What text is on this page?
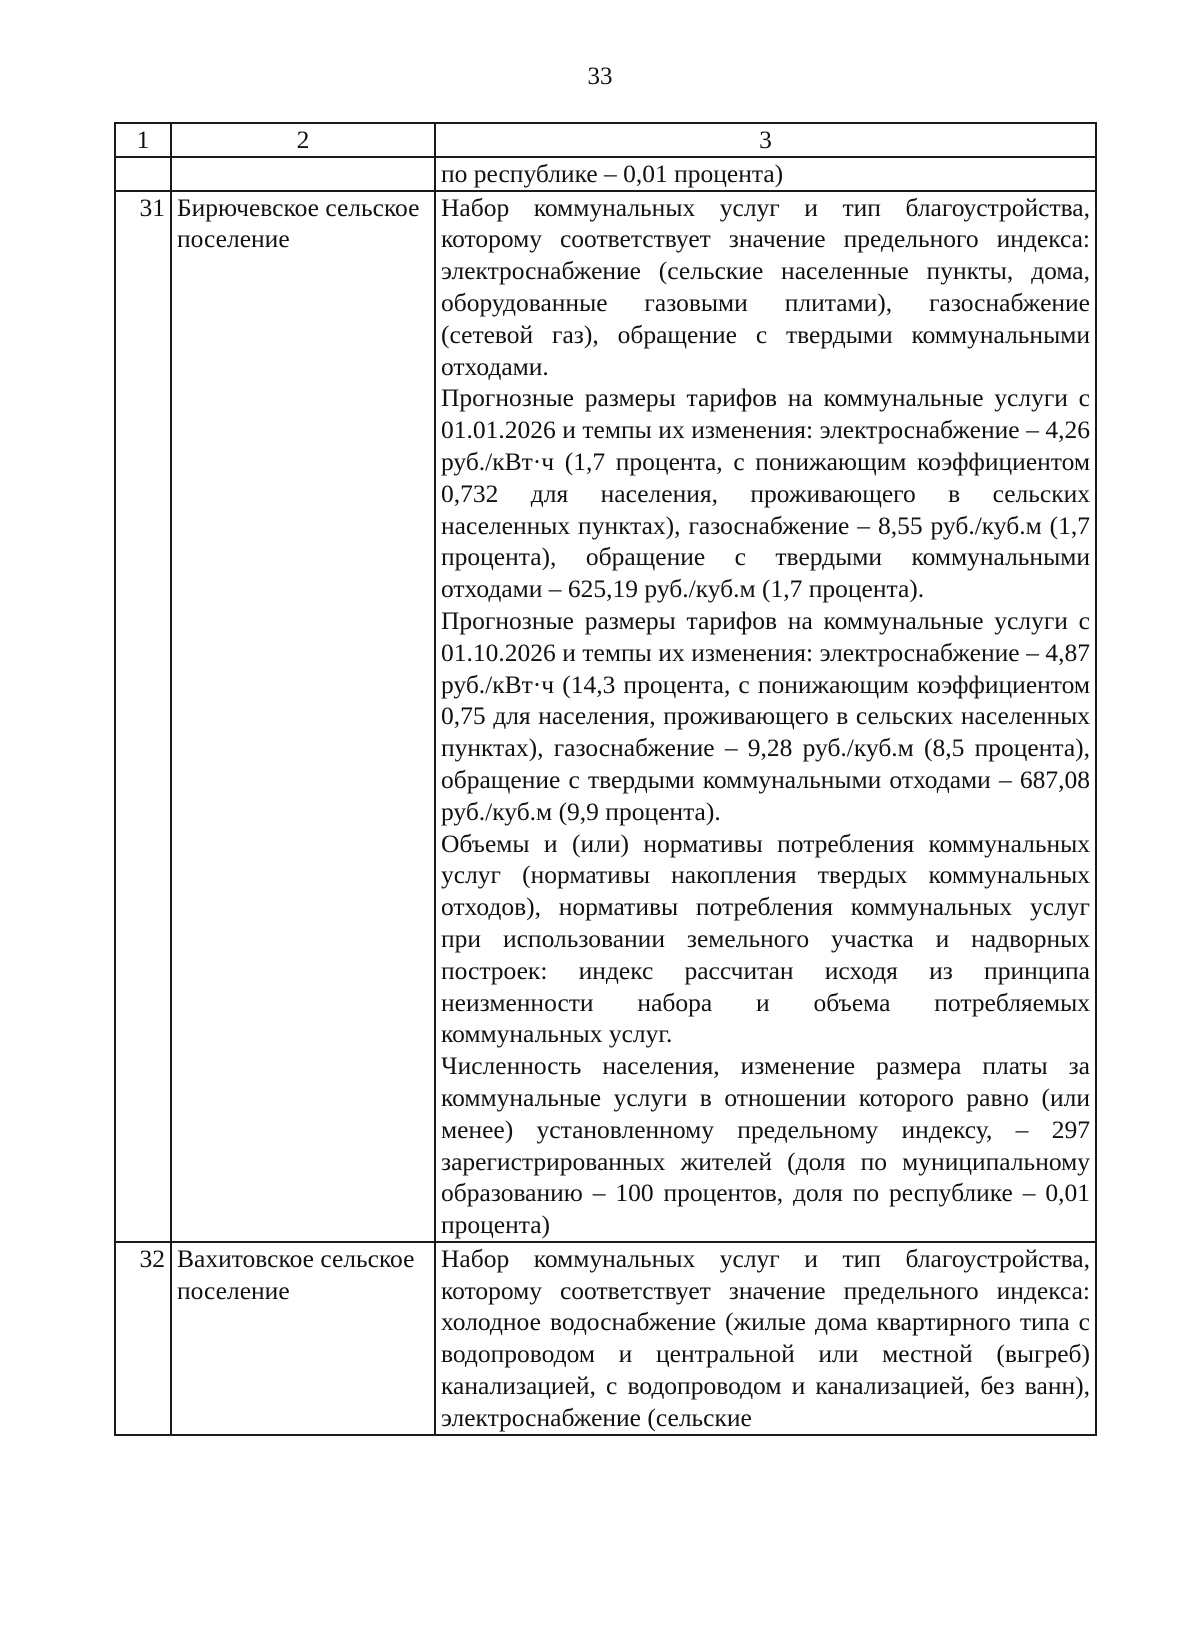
33
1	2	3
		по республике – 0,01 процента)
31	Бирючевское сельское поселение	Набор коммунальных услуг и тип благоустройства, которому соответствует значение предельного индекса: электроснабжение (сельские населенные пункты, дома, оборудованные газовыми плитами), газоснабжение (сетевой газ), обращение с твердыми коммунальными отходами.

Прогнозные размеры тарифов на коммунальные услуги с 01.01.2026 и темпы их изменения: электроснабжение – 4,26 руб./кВт·ч (1,7 процента, с понижающим коэффициентом 0,732 для населения, проживающего в сельских населенных пунктах), газоснабжение – 8,55 руб./куб.м (1,7 процента), обращение с твердыми коммунальными отходами – 625,19 руб./куб.м (1,7 процента).

Прогнозные размеры тарифов на коммунальные услуги с 01.10.2026 и темпы их изменения: электроснабжение – 4,87 руб./кВт·ч (14,3 процента, с понижающим коэффициентом 0,75 для населения, проживающего в сельских населенных пунктах), газоснабжение – 9,28 руб./куб.м (8,5 процента), обращение с твердыми коммунальными отходами – 687,08 руб./куб.м (9,9 процента).

Объемы и (или) нормативы потребления коммунальных услуг (нормативы накопления твердых коммунальных отходов), нормативы потребления коммунальных услуг при использовании земельного участка и надворных построек: индекс рассчитан исходя из принципа неизменности набора и объема потребляемых коммунальных услуг.

Численность населения, изменение размера платы за коммунальные услуги в отношении которого равно (или менее) установленному предельному индексу, – 297 зарегистрированных жителей (доля по муниципальному образованию – 100 процентов, доля по республике – 0,01 процента)

32	Вахитовское сельское поселение	Набор коммунальных услуг и тип благоустройства, которому соответствует значение предельного индекса: холодное водоснабжение (жилые дома квартирного типа с водопроводом и центральной или местной (выгреб) канализацией, с водопроводом и канализацией, без ванн), электроснабжение (сельские
